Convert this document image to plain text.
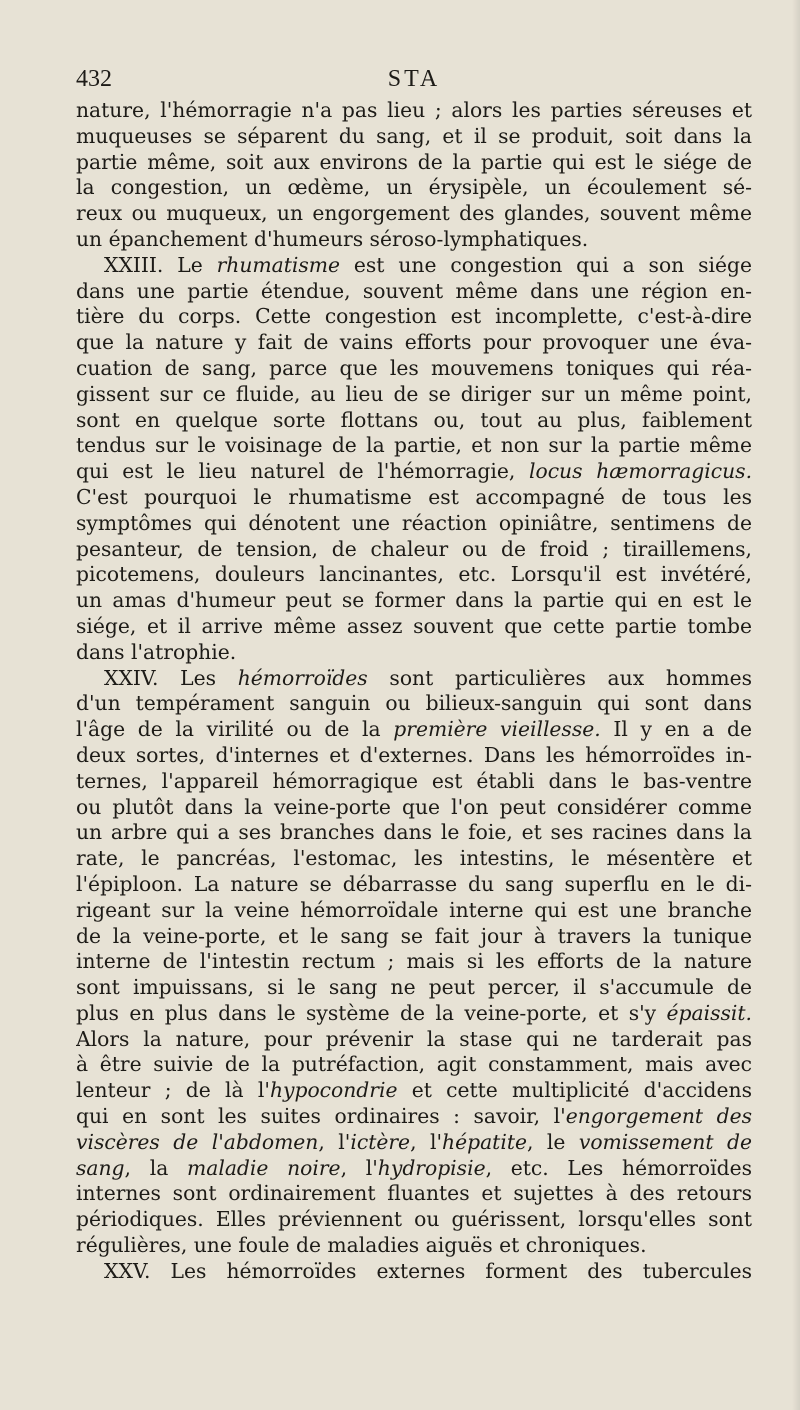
432	STA
nature, l'hémorragie n'a pas lieu ; alors les parties séreuses et
muqueuses se séparent du sang, et il se produit, soit dans la
partie même, soit aux environs de la partie qui est le siége de
la congestion, un œdème, un érysipèle, un écoulement sé-
reux ou muqueux, un engorgement des glandes, souvent même
un épanchement d'humeurs séroso-lymphatiques.
XXIII. Le rhumatisme est une congestion qui a son siége
dans une partie étendue, souvent même dans une région en-
tière du corps. Cette congestion est incomplette, c'est-à-dire
que la nature y fait de vains efforts pour provoquer une éva-
cuation de sang, parce que les mouvemens toniques qui réa-
gissent sur ce fluide, au lieu de se diriger sur un même point,
sont en quelque sorte flottans ou, tout au plus, faiblement
tendus sur le voisinage de la partie, et non sur la partie même
qui est le lieu naturel de l'hémorragie, locus hæmorragicus.
C'est pourquoi le rhumatisme est accompagné de tous les
symptômes qui dénotent une réaction opiniâtre, sentimens de
pesanteur, de tension, de chaleur ou de froid ; tiraillemens,
picotemens, douleurs lancinantes, etc. Lorsqu'il est invétéré,
un amas d'humeur peut se former dans la partie qui en est le
siége, et il arrive même assez souvent que cette partie tombe
dans l'atrophie.
XXIV. Les hémorroïdes sont particulières aux hommes
d'un tempérament sanguin ou bilieux-sanguin qui sont dans
l'âge de la virilité ou de la première vieillesse. Il y en a de
deux sortes, d'internes et d'externes. Dans les hémorroïdes in-
ternes, l'appareil hémorragique est établi dans le bas-ventre
ou plutôt dans la veine-porte que l'on peut considérer comme
un arbre qui a ses branches dans le foie, et ses racines dans la
rate, le pancréas, l'estomac, les intestins, le mésentère et
l'épiploon. La nature se débarrasse du sang superflu en le di-
rigeant sur la veine hémorroïdale interne qui est une branche
de la veine-porte, et le sang se fait jour à travers la tunique
interne de l'intestin rectum ; mais si les efforts de la nature
sont impuissans, si le sang ne peut percer, il s'accumule de
plus en plus dans le système de la veine-porte, et s'y épaissit.
Alors la nature, pour prévenir la stase qui ne tarderait pas
à être suivie de la putréfaction, agit constamment, mais avec
lenteur ; de là l'hypocondrie et cette multiplicité d'accidens
qui en sont les suites ordinaires : savoir, l'engorgement des
viscères de l'abdomen, l'ictère, l'hépatite, le vomissement de
sang, la maladie noire, l'hydropisie, etc. Les hémorroïdes
internes sont ordinairement fluantes et sujettes à des retours
périodiques. Elles préviennent ou guérissent, lorsqu'elles sont
régulières, une foule de maladies aiguës et chroniques.
XXV. Les hémorroïdes externes forment des tubercules
